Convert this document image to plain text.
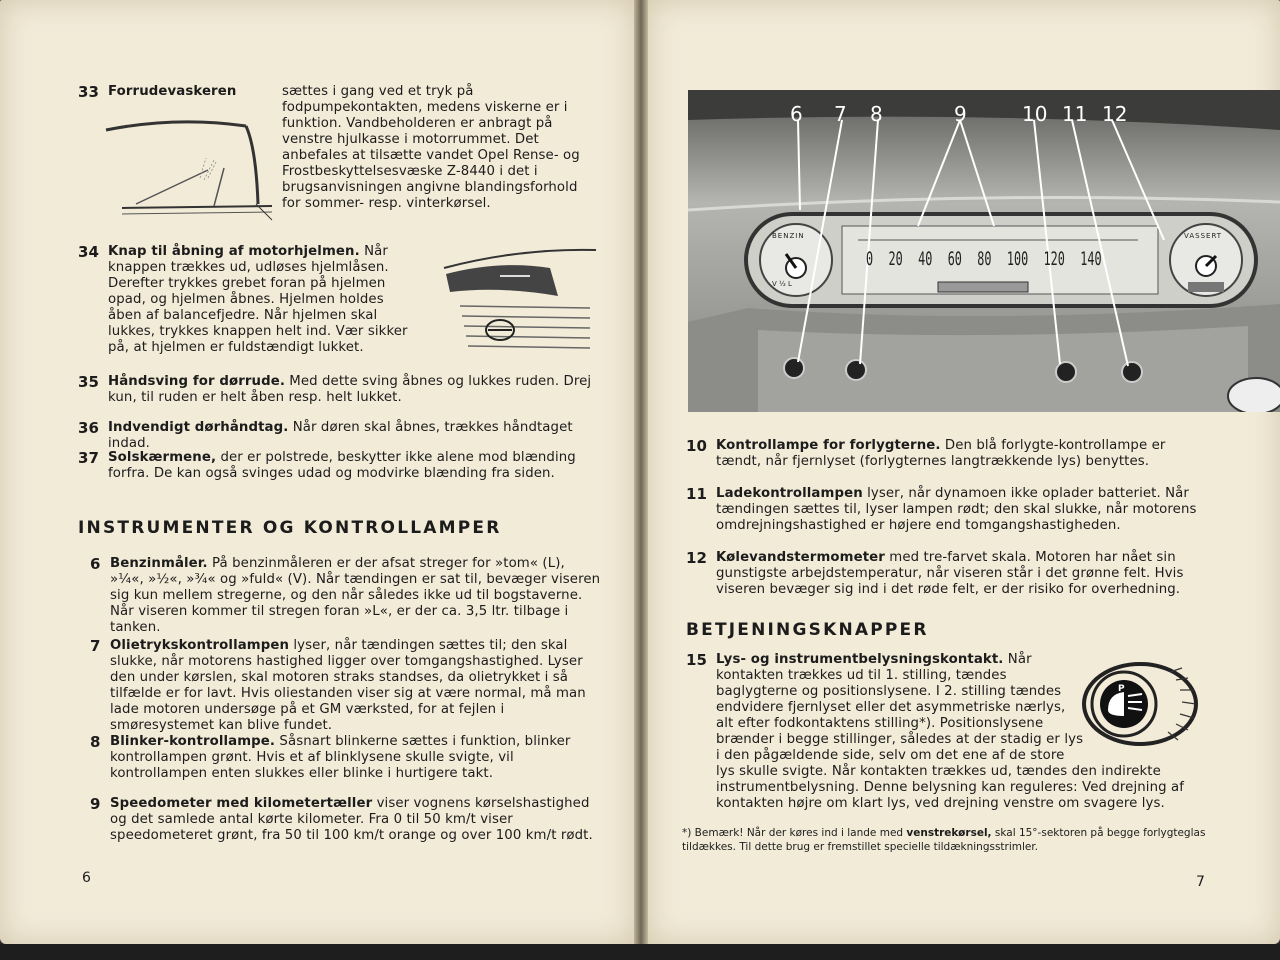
33 Forrudevaskeren	sættes i gang ved et tryk på fodpumpekontakten, medens viskerne er i funktion. Vandbeholderen er anbragt på venstre hjulkasse i motorrummet. Det anbefales at tilsætte vandet Opel Rense- og Frostbeskyttelsesvæske Z-8440 i det i brugsanvisningen angivne blandingsforhold for sommer- resp. vinterkørsel.
34 Knap til åbning af motorhjelmen. Når knappen trækkes ud, udløses hjelmlåsen. Derefter trykkes grebet foran på hjelmen opad, og hjelmen åbnes. Hjelmen holdes åben af balancefjedre. Når hjelmen skal lukkes, trykkes knappen helt ind. Vær sikker på, at hjelmen er fuldstændigt lukket.
35 Håndsving for dørrude. Med dette sving åbnes og lukkes ruden. Drej kun, til ruden er helt åben resp. helt lukket.
36 Indvendigt dørhåndtag. Når døren skal åbnes, trækkes håndtaget indad.
37 Solskærmene, der er polstrede, beskytter ikke alene mod blænding forfra. De kan også svinges udad og modvirke blænding fra siden.
INSTRUMENTER OG KONTROLLAMPER
6 Benzinmåler. På benzinmåleren er der afsat streger for »tom« (L), »¼«, »½«, »¾« og »fuld« (V). Når tændingen er sat til, bevæger viseren sig kun mellem stregerne, og den når således ikke ud til bogstaverne. Når viseren kommer til stregen foran »L«, er der ca. 3,5 ltr. tilbage i tanken.
7 Olietrykskontrollampen lyser, når tændingen sættes til; den skal slukke, når motorens hastighed ligger over tomgangshastighed. Lyser den under kørslen, skal motoren straks standses, da olietrykket i så tilfælde er for lavt. Hvis oliestanden viser sig at være normal, må man lade motoren undersøge på et GM værksted, for at fejlen i smøresystemet kan blive fundet.
8 Blinker-kontrollampe. Såsnart blinkerne sættes i funktion, blinker kontrollampen grønt. Hvis et af blinklysene skulle svigte, vil kontrollampen enten slukkes eller blinke i hurtigere takt.
9 Speedometer med kilometertæller viser vognens kørselshastighed og det samlede antal kørte kilometer. Fra 0 til 50 km/t viser speedometeret grønt, fra 50 til 100 km/t orange og over 100 km/t rødt.
6
6 7 8	9	10 11 12
0 20 40 60 80 100 120 140
BENZIN
V ½ L
VASSERT
10 Kontrollampe for forlygterne. Den blå forlygte-kontrollampe er tændt, når fjernlyset (forlygternes langtrækkende lys) benyttes.
11 Ladekontrollampen lyser, når dynamoen ikke oplader batteriet. Når tændingen sættes til, lyser lampen rødt; den skal slukke, når motorens omdrejningshastighed er højere end tomgangshastigheden.
12 Kølevandstermometer med tre-farvet skala. Motoren har nået sin gunstigste arbejdstemperatur, når viseren står i det grønne felt. Hvis viseren bevæger sig ind i det røde felt, er der risiko for overhedning.
BETJENINGSKNAPPER
15 Lys- og instrumentbelysningskontakt. Når kontakten trækkes ud til 1. stilling, tændes baglygterne og positionslysene. I 2. stilling tændes endvidere fjernlyset eller det asymmetriske nærlys, alt efter fodkontaktens stilling*). Positionslysene brænder i begge stillinger, således at der stadig er lys i den pågældende side, selv om det ene af de store lys skulle svigte. Når kontakten trækkes ud, tændes den indirekte instrumentbelysning. Denne belysning kan reguleres: Ved drejning af kontakten højre om klart lys, ved drejning venstre om svagere lys.
P
*) Bemærk! Når der køres ind i lande med venstrekørsel, skal 15°-sektoren på begge forlygteglas tildækkes. Til dette brug er fremstillet specielle tildækningsstrimler.
7
